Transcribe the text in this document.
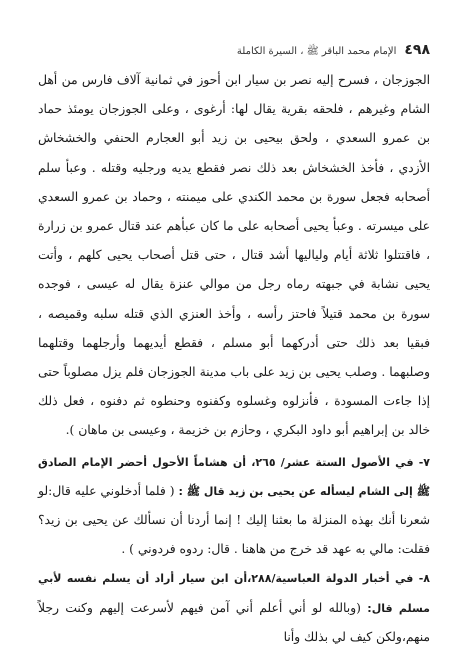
٤٩٨
الإمام محمد الباقر ﷺ ، السيرة الكاملة

الجوزجان ، فسرح إليه نصر بن سيار ابن أحوز في ثمانية آلاف فارس من أهل الشام وغيرهم ، فلحقه بقرية يقال لها: أرغوى ، وعلى الجوزجان يومئذ حماد بن عمرو السعدي ، ولحق بيحيى بن زيد أبو العجارم الحنفي والخشخاش الأزدي ، فأخذ الخشخاش بعد ذلك نصر فقطع يديه ورجليه وقتله . وعبأ سلم أصحابه فجعل سورة بن محمد الكندي على ميمنته ، وحماد بن عمرو السعدي على ميسرته . وعبأ يحيى أصحابه على ما كان عبأهم عند قتال عمرو بن زرارة ، فاقتتلوا ثلاثة أيام ولياليها أشد قتال ، حتى قتل أصحاب يحيى كلهم ، وأتت يحيى نشابة في جبهته رماه رجل من موالي عنزة يقال له عيسى ، فوجده سورة بن محمد قتيلاً فاحتز رأسه ، وأخذ العنزي الذي قتله سلبه وقميصه ، فبقيا بعد ذلك حتى أدركهما أبو مسلم ، فقطع أيديهما وأرجلهما وقتلهما وصلبهما . وصلب يحيى بن زيد على باب مدينة الجوزجان فلم يزل مصلوباً حتى إذا جاءت المسودة ، فأنزلوه وغسلوه وكفنوه وحنطوه ثم دفنوه ، فعل ذلك خالد بن إبراهيم أبو داود البكري ، وحازم بن خزيمة ، وعيسى بن ماهان ).

٧- في الأصول الستة عشر/ ٢٦٥، أن هشاماً الأحول أحضر الإمام الصادق ﷺ إلى الشام ليسأله عن يحيى بن زيد قال ﷺ : ( فلما أدخلوني عليه قال:لو شعرنا أنك بهذه المنزلة ما بعثنا إليك ! إنما أردنا أن نسألك عن يحيى بن زيد؟ فقلت: مالي به عهد قد خرج من هاهنا . قال: ردوه فردوني ) .

٨- في أخبار الدولة العباسية/٢٨٨،أن ابن سيار أراد أن يسلم نفسه لأبي مسلم قال: (وبالله لو أني أعلم أني آمن فيهم لأسرعت إليهم وكنت رجلاً منهم،ولكن كيف لي بذلك وأنا
